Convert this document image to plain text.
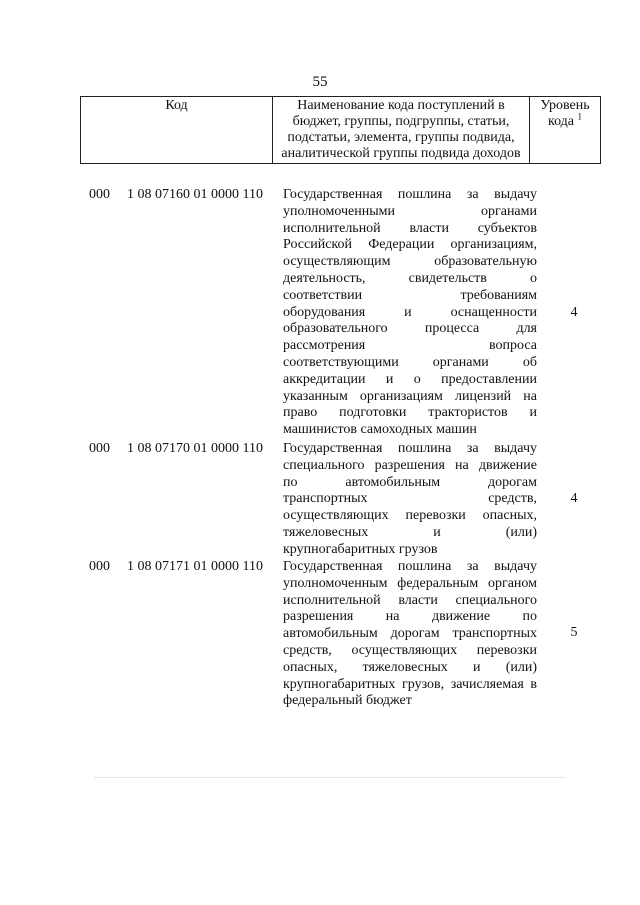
55
Код	Наименование кода поступлений в
бюджет, группы, подгруппы, статьи,
подстатьи, элемента, группы подвида,
аналитической группы подвида доходов
Уровень
кода $^1$
000 1 08 07160 01 0000 110 Государственная пошлина за выдачу
уполномоченными органами
исполнительной власти субъектов
Российской Федерации организациям,
осуществляющим образовательную
деятельность, свидетельств о
соответствии требованиям
оборудования и оснащенности
образовательного процесса для
рассмотрения вопроса
соответствующими органами об
аккредитации и о предоставлении
указанным организациям лицензий на
право подготовки трактористов и
машинистов самоходных машин
4
000 1 08 07170 01 0000 110 Государственная пошлина за выдачу
специального разрешения на движение
по автомобильным дорогам
транспортных средств,
осуществляющих перевозки опасных,
тяжеловесных и (или)
крупногабаритных грузов
4
000 1 08 07171 01 0000 110 Государственная пошлина за выдачу
уполномоченным федеральным органом
исполнительной власти специального
разрешения на движение по
автомобильным дорогам транспортных
средств, осуществляющих перевозки
опасных, тяжеловесных и (или)
крупногабаритных грузов, зачисляемая в
федеральный бюджет
5
